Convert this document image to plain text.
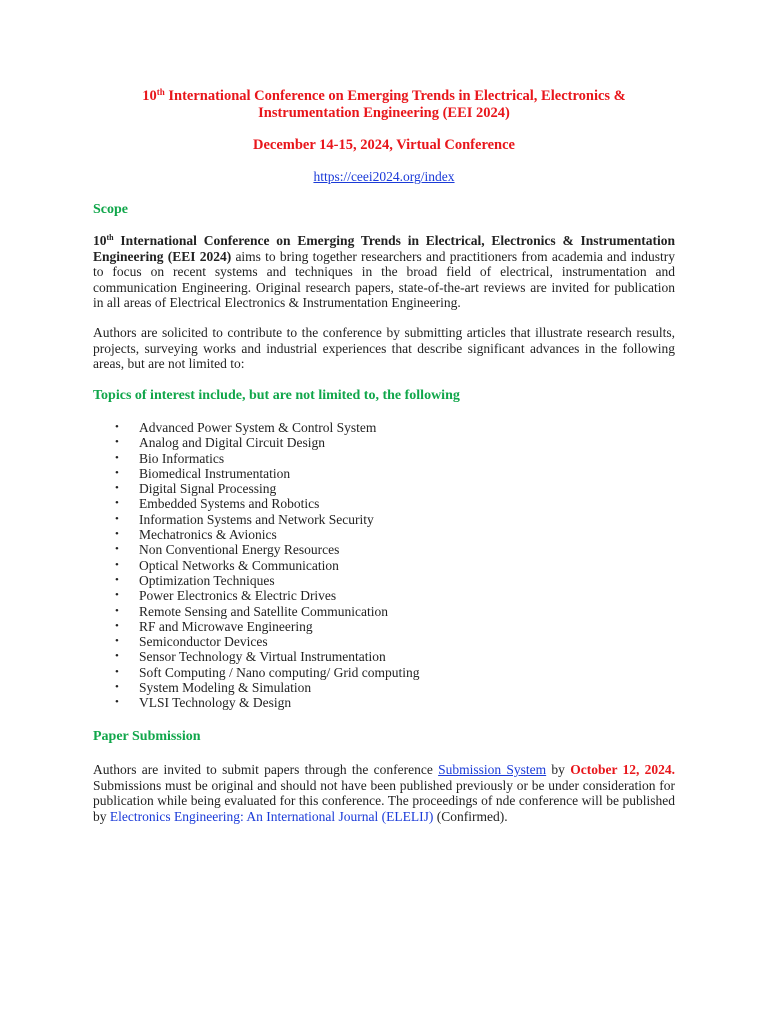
10th International Conference on Emerging Trends in Electrical, Electronics &
Instrumentation Engineering (EEI 2024)
December 14-15, 2024, Virtual Conference
https://ceei2024.org/index
Scope
10th International Conference on Emerging Trends in Electrical, Electronics & Instrumentation Engineering (EEI 2024) aims to bring together researchers and practitioners from academia and industry to focus on recent systems and techniques in the broad field of electrical, instrumentation and communication Engineering. Original research papers, state-of-the-art reviews are invited for publication in all areas of Electrical Electronics & Instrumentation Engineering.
Authors are solicited to contribute to the conference by submitting articles that illustrate research results, projects, surveying works and industrial experiences that describe significant advances in the following areas, but are not limited to:
Topics of interest include, but are not limited to, the following
• Advanced Power System & Control System
• Analog and Digital Circuit Design
• Bio Informatics
• Biomedical Instrumentation
• Digital Signal Processing
• Embedded Systems and Robotics
• Information Systems and Network Security
• Mechatronics & Avionics
• Non Conventional Energy Resources
• Optical Networks & Communication
• Optimization Techniques
• Power Electronics & Electric Drives
• Remote Sensing and Satellite Communication
• RF and Microwave Engineering
• Semiconductor Devices
• Sensor Technology & Virtual Instrumentation
• Soft Computing / Nano computing/ Grid computing
• System Modeling & Simulation
• VLSI Technology & Design
Paper Submission
Authors are invited to submit papers through the conference Submission System by October 12, 2024. Submissions must be original and should not have been published previously or be under consideration for publication while being evaluated for this conference. The proceedings of nde conference will be published by Electronics Engineering: An International Journal (ELELIJ) (Confirmed).
